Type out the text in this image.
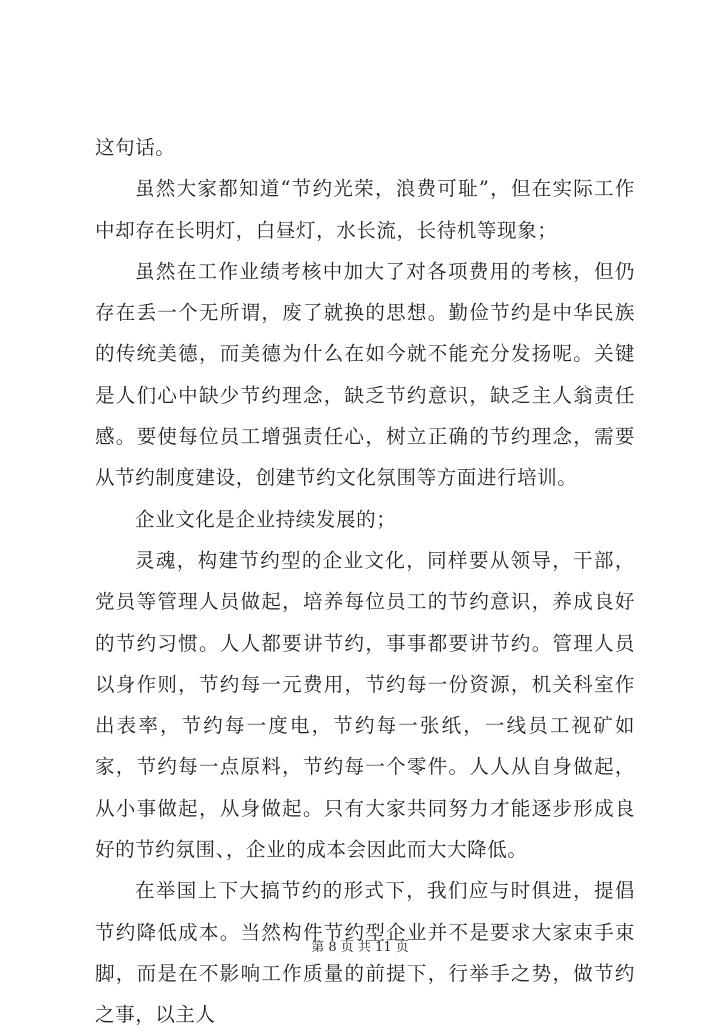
这句话。

虽然大家都知道“节约光荣，浪费可耻”，但在实际工作中却存在长明灯，白昼灯，水长流，长待机等现象；

虽然在工作业绩考核中加大了对各项费用的考核，但仍存在丢一个无所谓，废了就换的思想。勤俭节约是中华民族的传统美德，而美德为什么在如今就不能充分发扬呢。关键是人们心中缺少节约理念，缺乏节约意识，缺乏主人翁责任感。要使每位员工增强责任心，树立正确的节约理念，需要从节约制度建设，创建节约文化氛围等方面进行培训。

企业文化是企业持续发展的；

灵魂，构建节约型的企业文化，同样要从领导，干部，党员等管理人员做起，培养每位员工的节约意识，养成良好的节约习惯。人人都要讲节约，事事都要讲节约。管理人员以身作则，节约每一元费用，节约每一份资源，机关科室作出表率，节约每一度电，节约每一张纸，一线员工视矿如家，节约每一点原料，节约每一个零件。人人从自身做起，从小事做起，从身做起。只有大家共同努力才能逐步形成良好的节约氛围、，企业的成本会因此而大大降低。

在举国上下大搞节约的形式下，我们应与时俱进，提倡节约降低成本。当然构件节约型企业并不是要求大家束手束脚，而是在不影响工作质量的前提下，行举手之势，做节约之事，以主人

第 8 页 共 11 页
